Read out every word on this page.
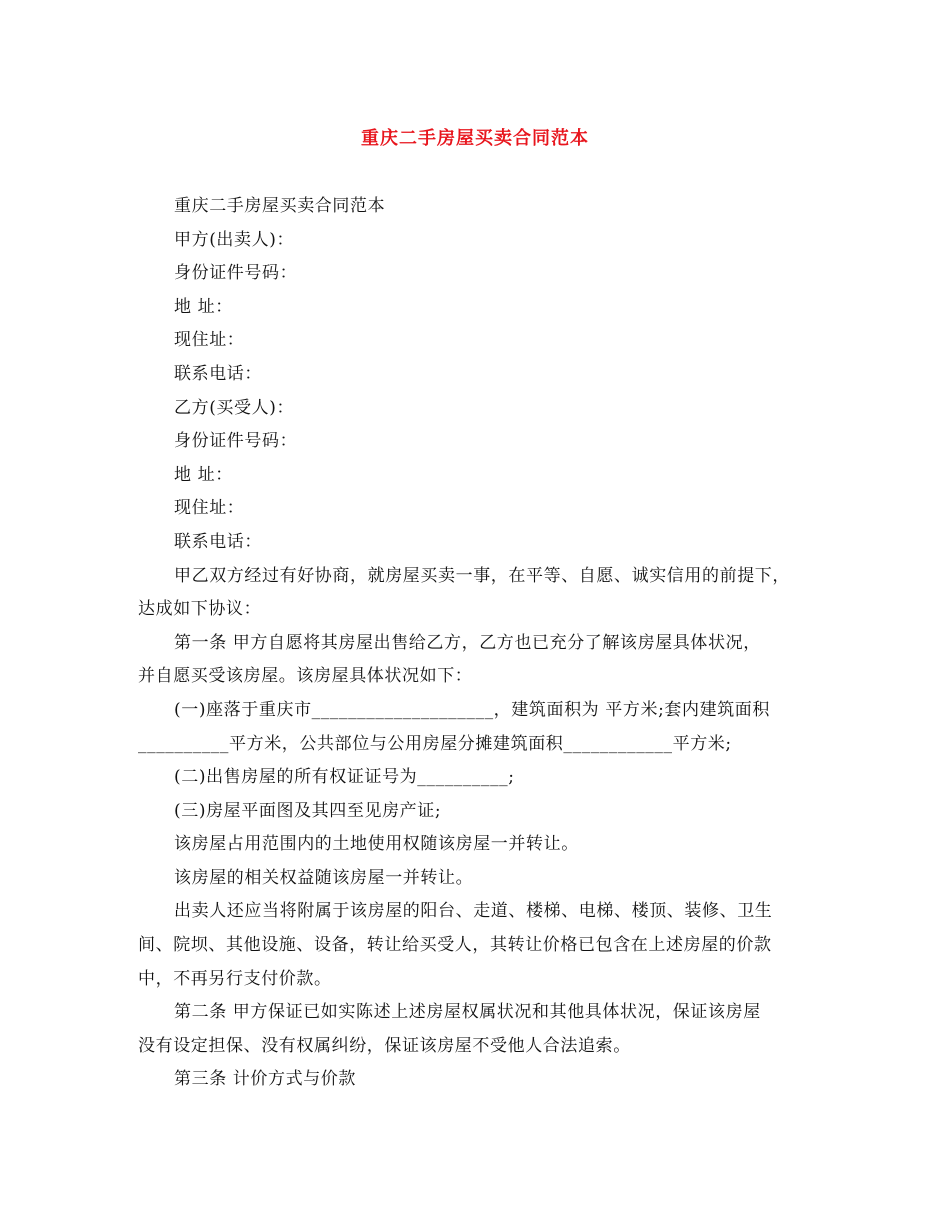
重庆二手房屋买卖合同范本

重庆二手房屋买卖合同范本

甲方(出卖人)：

身份证件号码：

地 址：

现住址：

联系电话：

乙方(买受人)：

身份证件号码：

地 址：

现住址：

联系电话：

甲乙双方经过有好协商，就房屋买卖一事，在平等、自愿、诚实信用的前提下，

达成如下协议：

第一条 甲方自愿将其房屋出售给乙方，乙方也已充分了解该房屋具体状况，

并自愿买受该房屋。该房屋具体状况如下：

(一)座落于重庆市____________________，建筑面积为 平方米;套内建筑面积

__________平方米，公共部位与公用房屋分摊建筑面积____________平方米;

(二)出售房屋的所有权证证号为__________;

(三)房屋平面图及其四至见房产证;

该房屋占用范围内的土地使用权随该房屋一并转让。

该房屋的相关权益随该房屋一并转让。

出卖人还应当将附属于该房屋的阳台、走道、楼梯、电梯、楼顶、装修、卫生

间、院坝、其他设施、设备，转让给买受人，其转让价格已包含在上述房屋的价款

中，不再另行支付价款。

第二条 甲方保证已如实陈述上述房屋权属状况和其他具体状况，保证该房屋

没有设定担保、没有权属纠纷，保证该房屋不受他人合法追索。

第三条 计价方式与价款
